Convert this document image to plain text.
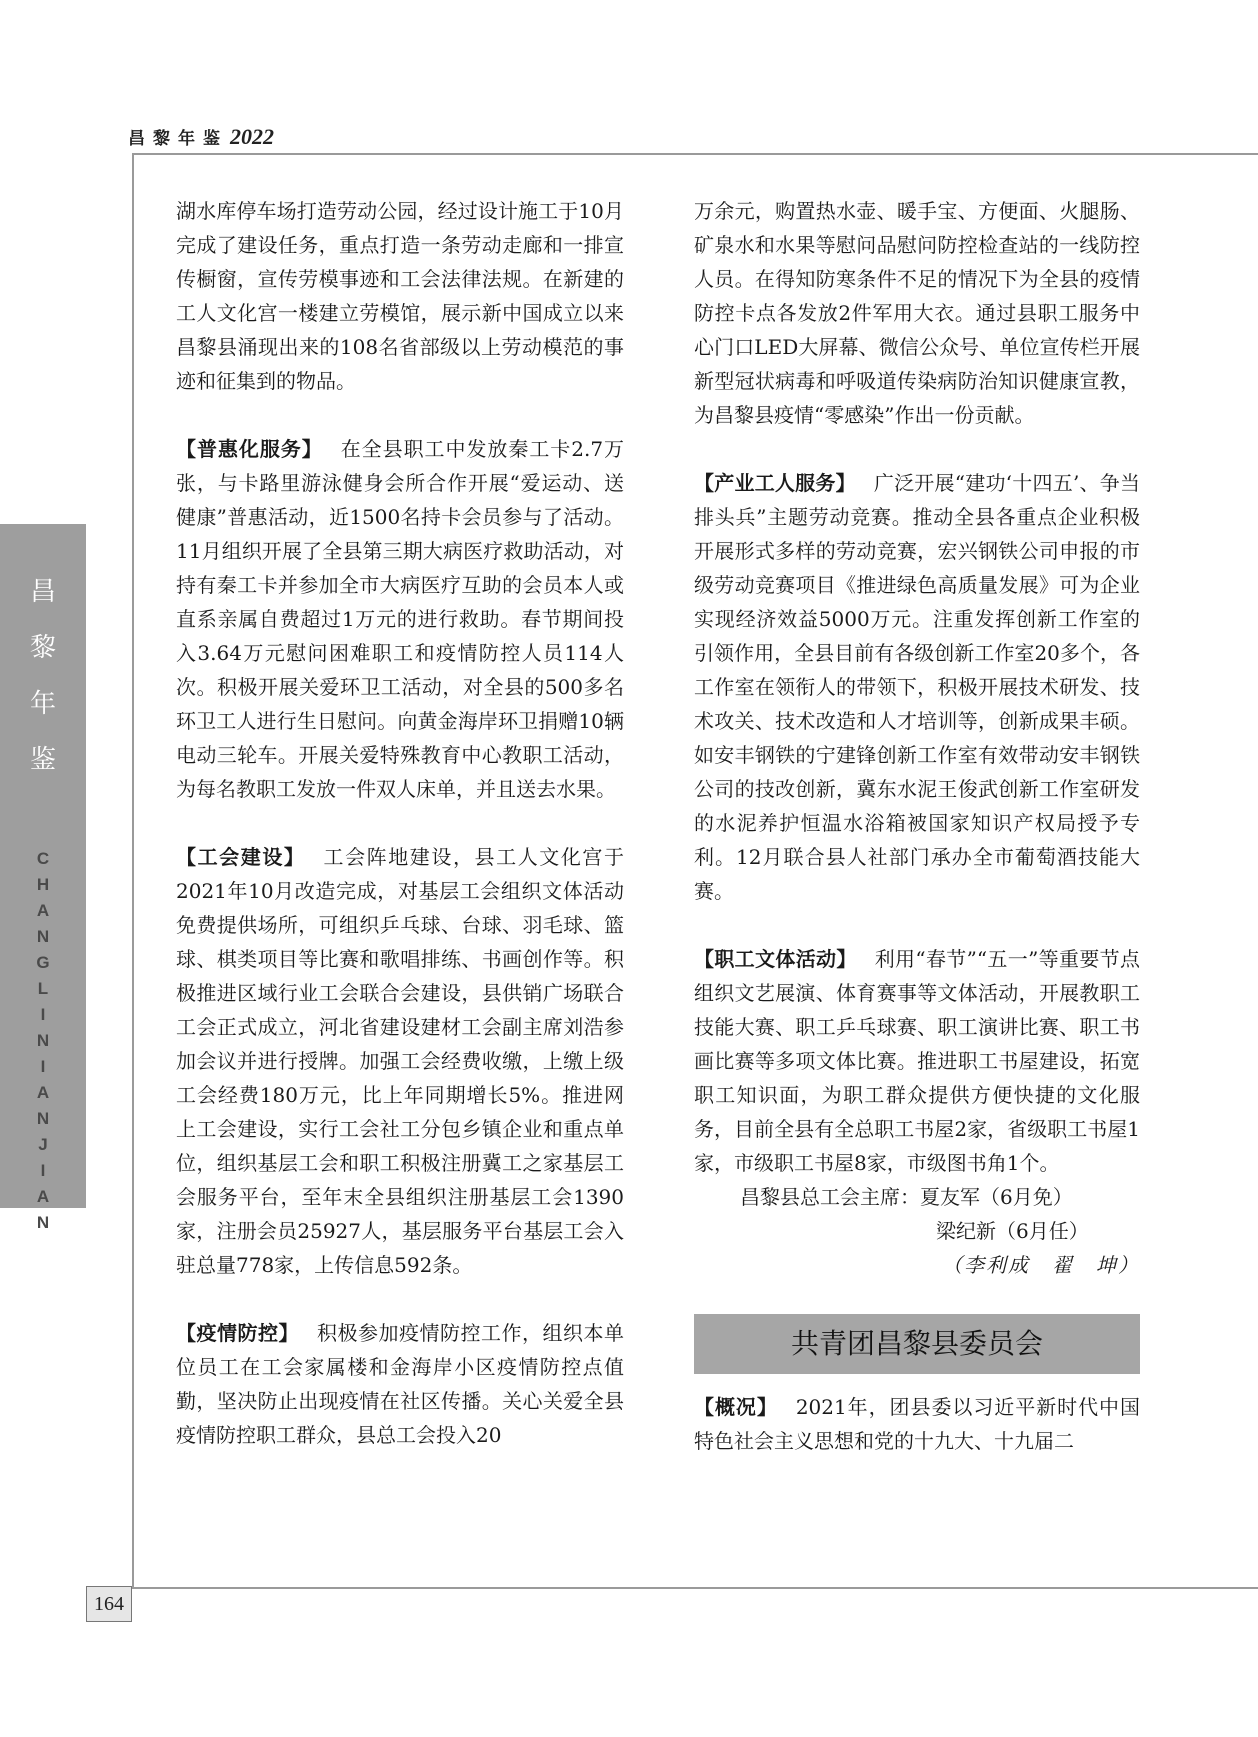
昌黎年鉴2022
昌
黎
年
鉴
C
H
A
N
G
L
I
N
I
A
N
J
I
A
N
164

湖水库停车场打造劳动公园，经过设计施工于10月完成了建设任务，重点打造一条劳动走廊和一排宣传橱窗，宣传劳模事迹和工会法律法规。在新建的工人文化宫一楼建立劳模馆，展示新中国成立以来昌黎县涌现出来的108名省部级以上劳动模范的事迹和征集到的物品。

【普惠化服务】 在全县职工中发放秦工卡2.7万张，与卡路里游泳健身会所合作开展“爱运动、送健康”普惠活动，近1500名持卡会员参与了活动。11月组织开展了全县第三期大病医疗救助活动，对持有秦工卡并参加全市大病医疗互助的会员本人或直系亲属自费超过1万元的进行救助。春节期间投入3.64万元慰问困难职工和疫情防控人员114人次。积极开展关爱环卫工活动，对全县的500多名环卫工人进行生日慰问。向黄金海岸环卫捐赠10辆电动三轮车。开展关爱特殊教育中心教职工活动，为每名教职工发放一件双人床单，并且送去水果。

【工会建设】 工会阵地建设，县工人文化宫于2021年10月改造完成，对基层工会组织文体活动免费提供场所，可组织乒乓球、台球、羽毛球、篮球、棋类项目等比赛和歌唱排练、书画创作等。积极推进区域行业工会联合会建设，县供销广场联合工会正式成立，河北省建设建材工会副主席刘浩参加会议并进行授牌。加强工会经费收缴，上缴上级工会经费180万元，比上年同期增长5%。推进网上工会建设，实行工会社工分包乡镇企业和重点单位，组织基层工会和职工积极注册冀工之家基层工会服务平台，至年末全县组织注册基层工会1390家，注册会员25927人，基层服务平台基层工会入驻总量778家，上传信息592条。

【疫情防控】 积极参加疫情防控工作，组织本单位员工在工会家属楼和金海岸小区疫情防控点值勤，坚决防止出现疫情在社区传播。关心关爱全县疫情防控职工群众，县总工会投入20

万余元，购置热水壶、暖手宝、方便面、火腿肠、矿泉水和水果等慰问品慰问防控检查站的一线防控人员。在得知防寒条件不足的情况下为全县的疫情防控卡点各发放2件军用大衣。通过县职工服务中心门口LED大屏幕、微信公众号、单位宣传栏开展新型冠状病毒和呼吸道传染病防治知识健康宣教，为昌黎县疫情“零感染”作出一份贡献。

【产业工人服务】 广泛开展“建功‘十四五’、争当排头兵”主题劳动竞赛。推动全县各重点企业积极开展形式多样的劳动竞赛，宏兴钢铁公司申报的市级劳动竞赛项目《推进绿色高质量发展》可为企业实现经济效益5000万元。注重发挥创新工作室的引领作用，全县目前有各级创新工作室20多个，各工作室在领衔人的带领下，积极开展技术研发、技术攻关、技术改造和人才培训等，创新成果丰硕。如安丰钢铁的宁建锋创新工作室有效带动安丰钢铁公司的技改创新，冀东水泥王俊武创新工作室研发的水泥养护恒温水浴箱被国家知识产权局授予专利。12月联合县人社部门承办全市葡萄酒技能大赛。

【职工文体活动】 利用“春节”“五一”等重要节点组织文艺展演、体育赛事等文体活动，开展教职工技能大赛、职工乒乓球赛、职工演讲比赛、职工书画比赛等多项文体比赛。推进职工书屋建设，拓宽职工知识面，为职工群众提供方便快捷的文化服务，目前全县有全总职工书屋2家，省级职工书屋1家，市级职工书屋8家，市级图书角1个。

昌黎县总工会主席：夏友军（6月免）

梁纪新（6月任）

（李利成　翟　坤）

共青团昌黎县委员会

【概况】 2021年，团县委以习近平新时代中国特色社会主义思想和党的十九大、十九届二
